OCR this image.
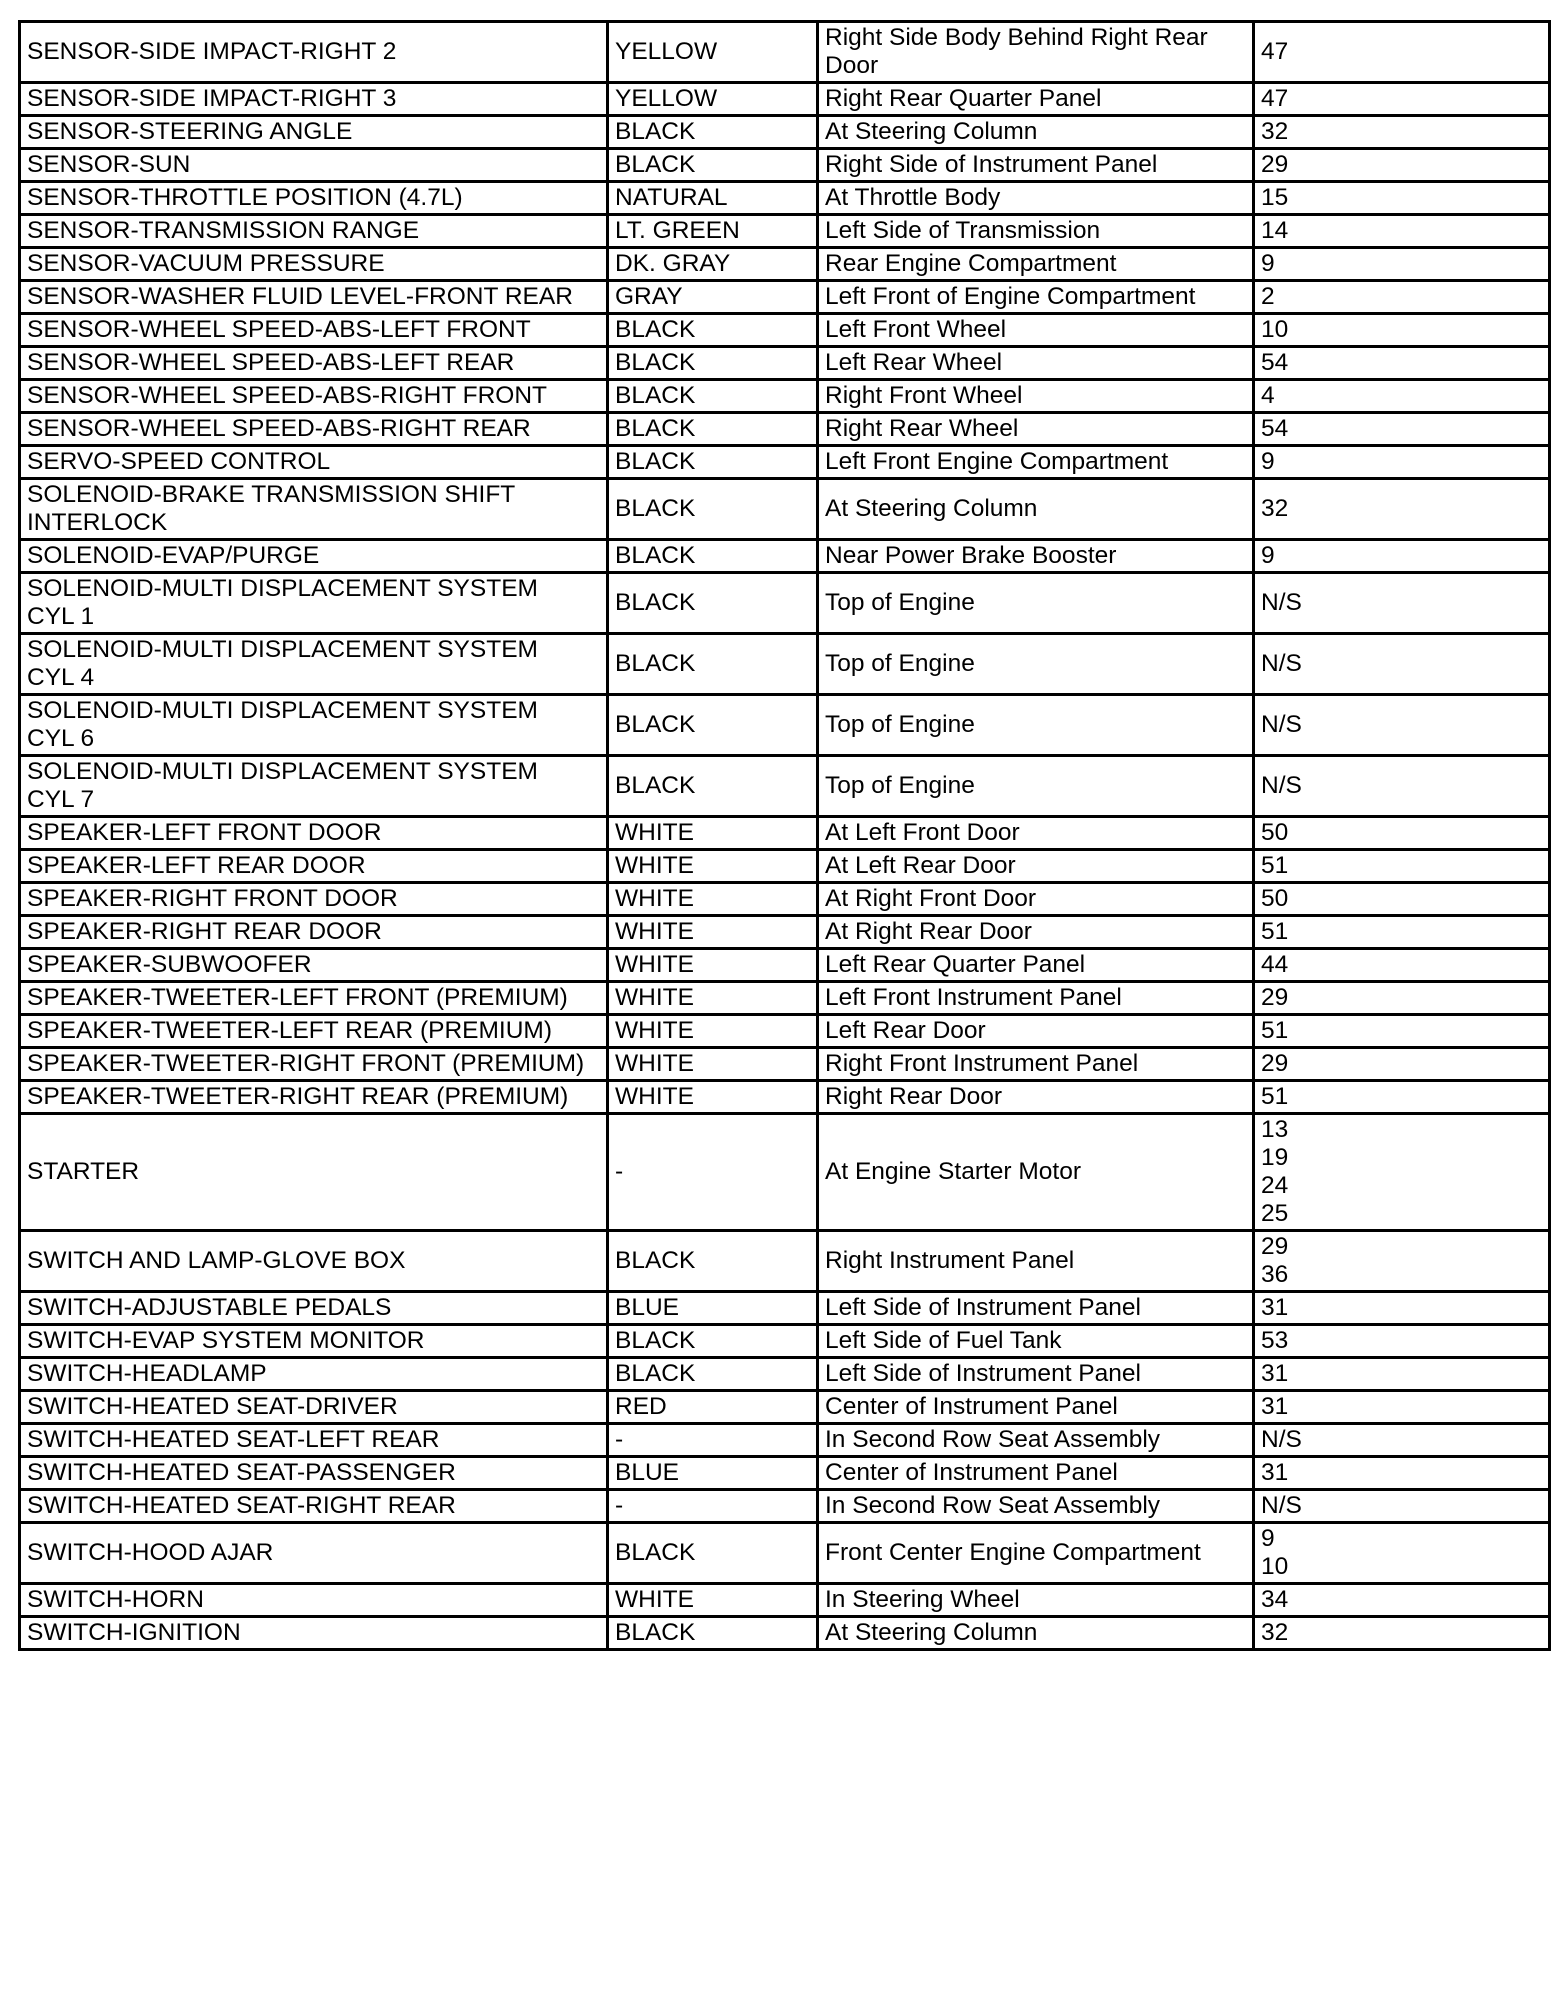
SENSOR-SIDE IMPACT-RIGHT 2	YELLOW	Right Side Body Behind Right Rear
Door	47
SENSOR-SIDE IMPACT-RIGHT 3	YELLOW	Right Rear Quarter Panel	47
SENSOR-STEERING ANGLE	BLACK	At Steering Column	32
SENSOR-SUN	BLACK	Right Side of Instrument Panel	29
SENSOR-THROTTLE POSITION (4.7L)	NATURAL	At Throttle Body	15
SENSOR-TRANSMISSION RANGE	LT. GREEN	Left Side of Transmission	14
SENSOR-VACUUM PRESSURE	DK. GRAY	Rear Engine Compartment	9
SENSOR-WASHER FLUID LEVEL-FRONT REAR	GRAY	Left Front of Engine Compartment	2
SENSOR-WHEEL SPEED-ABS-LEFT FRONT	BLACK	Left Front Wheel	10
SENSOR-WHEEL SPEED-ABS-LEFT REAR	BLACK	Left Rear Wheel	54
SENSOR-WHEEL SPEED-ABS-RIGHT FRONT	BLACK	Right Front Wheel	4
SENSOR-WHEEL SPEED-ABS-RIGHT REAR	BLACK	Right Rear Wheel	54
SERVO-SPEED CONTROL	BLACK	Left Front Engine Compartment	9
SOLENOID-BRAKE TRANSMISSION SHIFT
INTERLOCK	BLACK	At Steering Column	32
SOLENOID-EVAP/PURGE	BLACK	Near Power Brake Booster	9
SOLENOID-MULTI DISPLACEMENT SYSTEM
CYL 1	BLACK	Top of Engine	N/S
SOLENOID-MULTI DISPLACEMENT SYSTEM
CYL 4	BLACK	Top of Engine	N/S
SOLENOID-MULTI DISPLACEMENT SYSTEM
CYL 6	BLACK	Top of Engine	N/S
SOLENOID-MULTI DISPLACEMENT SYSTEM
CYL 7	BLACK	Top of Engine	N/S
SPEAKER-LEFT FRONT DOOR	WHITE	At Left Front Door	50
SPEAKER-LEFT REAR DOOR	WHITE	At Left Rear Door	51
SPEAKER-RIGHT FRONT DOOR	WHITE	At Right Front Door	50
SPEAKER-RIGHT REAR DOOR	WHITE	At Right Rear Door	51
SPEAKER-SUBWOOFER	WHITE	Left Rear Quarter Panel	44
SPEAKER-TWEETER-LEFT FRONT (PREMIUM)	WHITE	Left Front Instrument Panel	29
SPEAKER-TWEETER-LEFT REAR (PREMIUM)	WHITE	Left Rear Door	51
SPEAKER-TWEETER-RIGHT FRONT (PREMIUM)	WHITE	Right Front Instrument Panel	29
SPEAKER-TWEETER-RIGHT REAR (PREMIUM)	WHITE	Right Rear Door	51
STARTER	-	At Engine Starter Motor	13
19
24
25
SWITCH AND LAMP-GLOVE BOX	BLACK	Right Instrument Panel	29
36
SWITCH-ADJUSTABLE PEDALS	BLUE	Left Side of Instrument Panel	31
SWITCH-EVAP SYSTEM MONITOR	BLACK	Left Side of Fuel Tank	53
SWITCH-HEADLAMP	BLACK	Left Side of Instrument Panel	31
SWITCH-HEATED SEAT-DRIVER	RED	Center of Instrument Panel	31
SWITCH-HEATED SEAT-LEFT REAR	-	In Second Row Seat Assembly	N/S
SWITCH-HEATED SEAT-PASSENGER	BLUE	Center of Instrument Panel	31
SWITCH-HEATED SEAT-RIGHT REAR	-	In Second Row Seat Assembly	N/S
SWITCH-HOOD AJAR	BLACK	Front Center Engine Compartment	9
10
SWITCH-HORN	WHITE	In Steering Wheel	34
SWITCH-IGNITION	BLACK	At Steering Column	32
